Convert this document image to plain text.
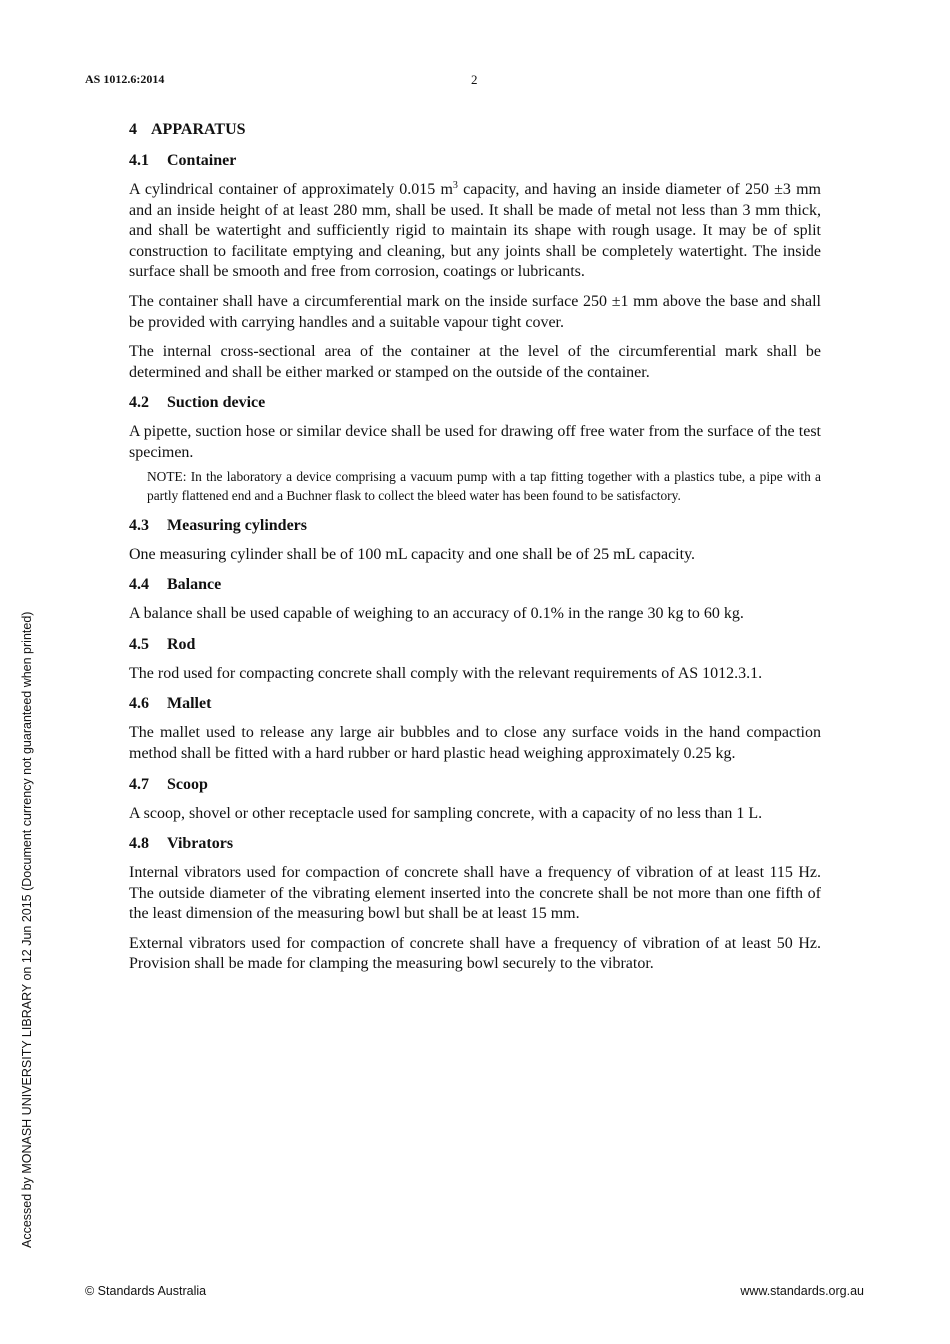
AS 1012.6:2014	2
4 APPARATUS
4.1 Container

A cylindrical container of approximately 0.015 $m^3$ capacity, and having an inside diameter of 250 ±3 mm and an inside height of at least 280 mm, shall be used. It shall be made of metal not less than 3 mm thick, and shall be watertight and sufficiently rigid to maintain its shape with rough usage. It may be of split construction to facilitate emptying and cleaning, but any joints shall be completely watertight. The inside surface shall be smooth and free from corrosion, coatings or lubricants.

The container shall have a circumferential mark on the inside surface 250 ±1 mm above the base and shall be provided with carrying handles and a suitable vapour tight cover.

The internal cross-sectional area of the container at the level of the circumferential mark shall be determined and shall be either marked or stamped on the outside of the container.

4.2 Suction device

A pipette, suction hose or similar device shall be used for drawing off free water from the surface of the test specimen.

NOTE: In the laboratory a device comprising a vacuum pump with a tap fitting together with a plastics tube, a pipe with a partly flattened end and a Buchner flask to collect the bleed water has been found to be satisfactory.

4.3 Measuring cylinders

One measuring cylinder shall be of 100 mL capacity and one shall be of 25 mL capacity.

4.4 Balance

A balance shall be used capable of weighing to an accuracy of 0.1% in the range 30 kg to 60 kg.

4.5 Rod

The rod used for compacting concrete shall comply with the relevant requirements of AS 1012.3.1.

4.6 Mallet

The mallet used to release any large air bubbles and to close any surface voids in the hand compaction method shall be fitted with a hard rubber or hard plastic head weighing approximately 0.25 kg.

4.7 Scoop

A scoop, shovel or other receptacle used for sampling concrete, with a capacity of no less than 1 L.

4.8 Vibrators

Internal vibrators used for compaction of concrete shall have a frequency of vibration of at least 115 Hz. The outside diameter of the vibrating element inserted into the concrete shall be not more than one fifth of the least dimension of the measuring bowl but shall be at least 15 mm.

External vibrators used for compaction of concrete shall have a frequency of vibration of at least 50 Hz. Provision shall be made for clamping the measuring bowl securely to the vibrator.

Accessed by MONASH UNIVERSITY LIBRARY on 12 Jun 2015 (Document currency not guaranteed when printed)
© Standards Australia	www.standards.org.au
